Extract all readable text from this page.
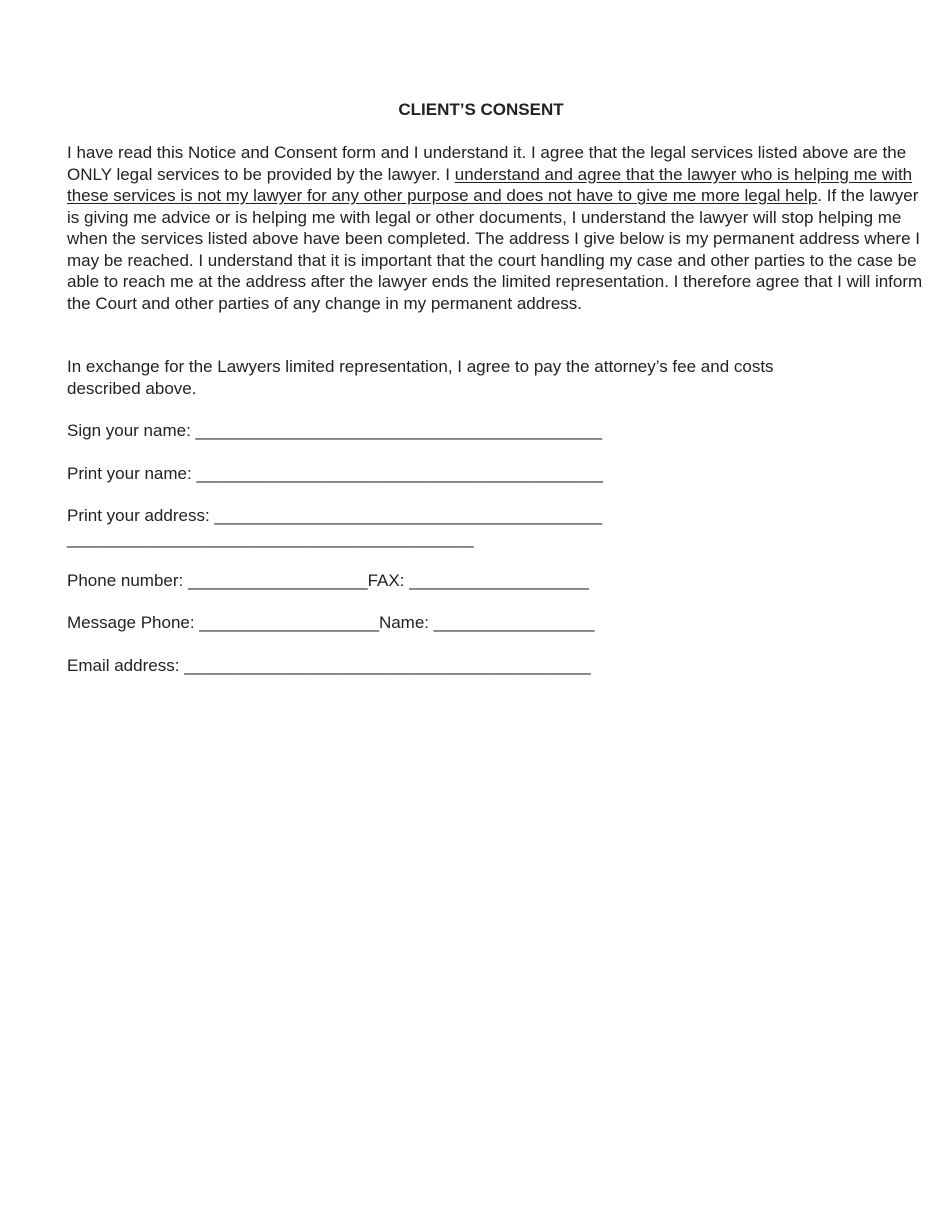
CLIENT’S CONSENT

I have read this Notice and Consent form and I understand it. I agree that the legal services listed above are the ONLY legal services to be provided by the lawyer. I understand and agree that the lawyer who is helping me with these services is not my lawyer for any other purpose and does not have to give me more legal help. If the lawyer is giving me advice or is helping me with legal or other documents, I understand the lawyer will stop helping me when the services listed above have been completed. The address I give below is my permanent address where I may be reached. I understand that it is important that the court handling my case and other parties to the case be able to reach me at the address after the lawyer ends the limited representation. I therefore agree that I will inform the Court and other parties of any change in my permanent address.

In exchange for the Lawyers limited representation, I agree to pay the attorney’s fee and costs described above.

Sign your name: ___________________________________________
Print your name: ___________________________________________
Print your address: _________________________________________
___________________________________________
Phone number: ___________________FAX: ___________________
Message Phone: ___________________Name: _________________
Email address: ___________________________________________
